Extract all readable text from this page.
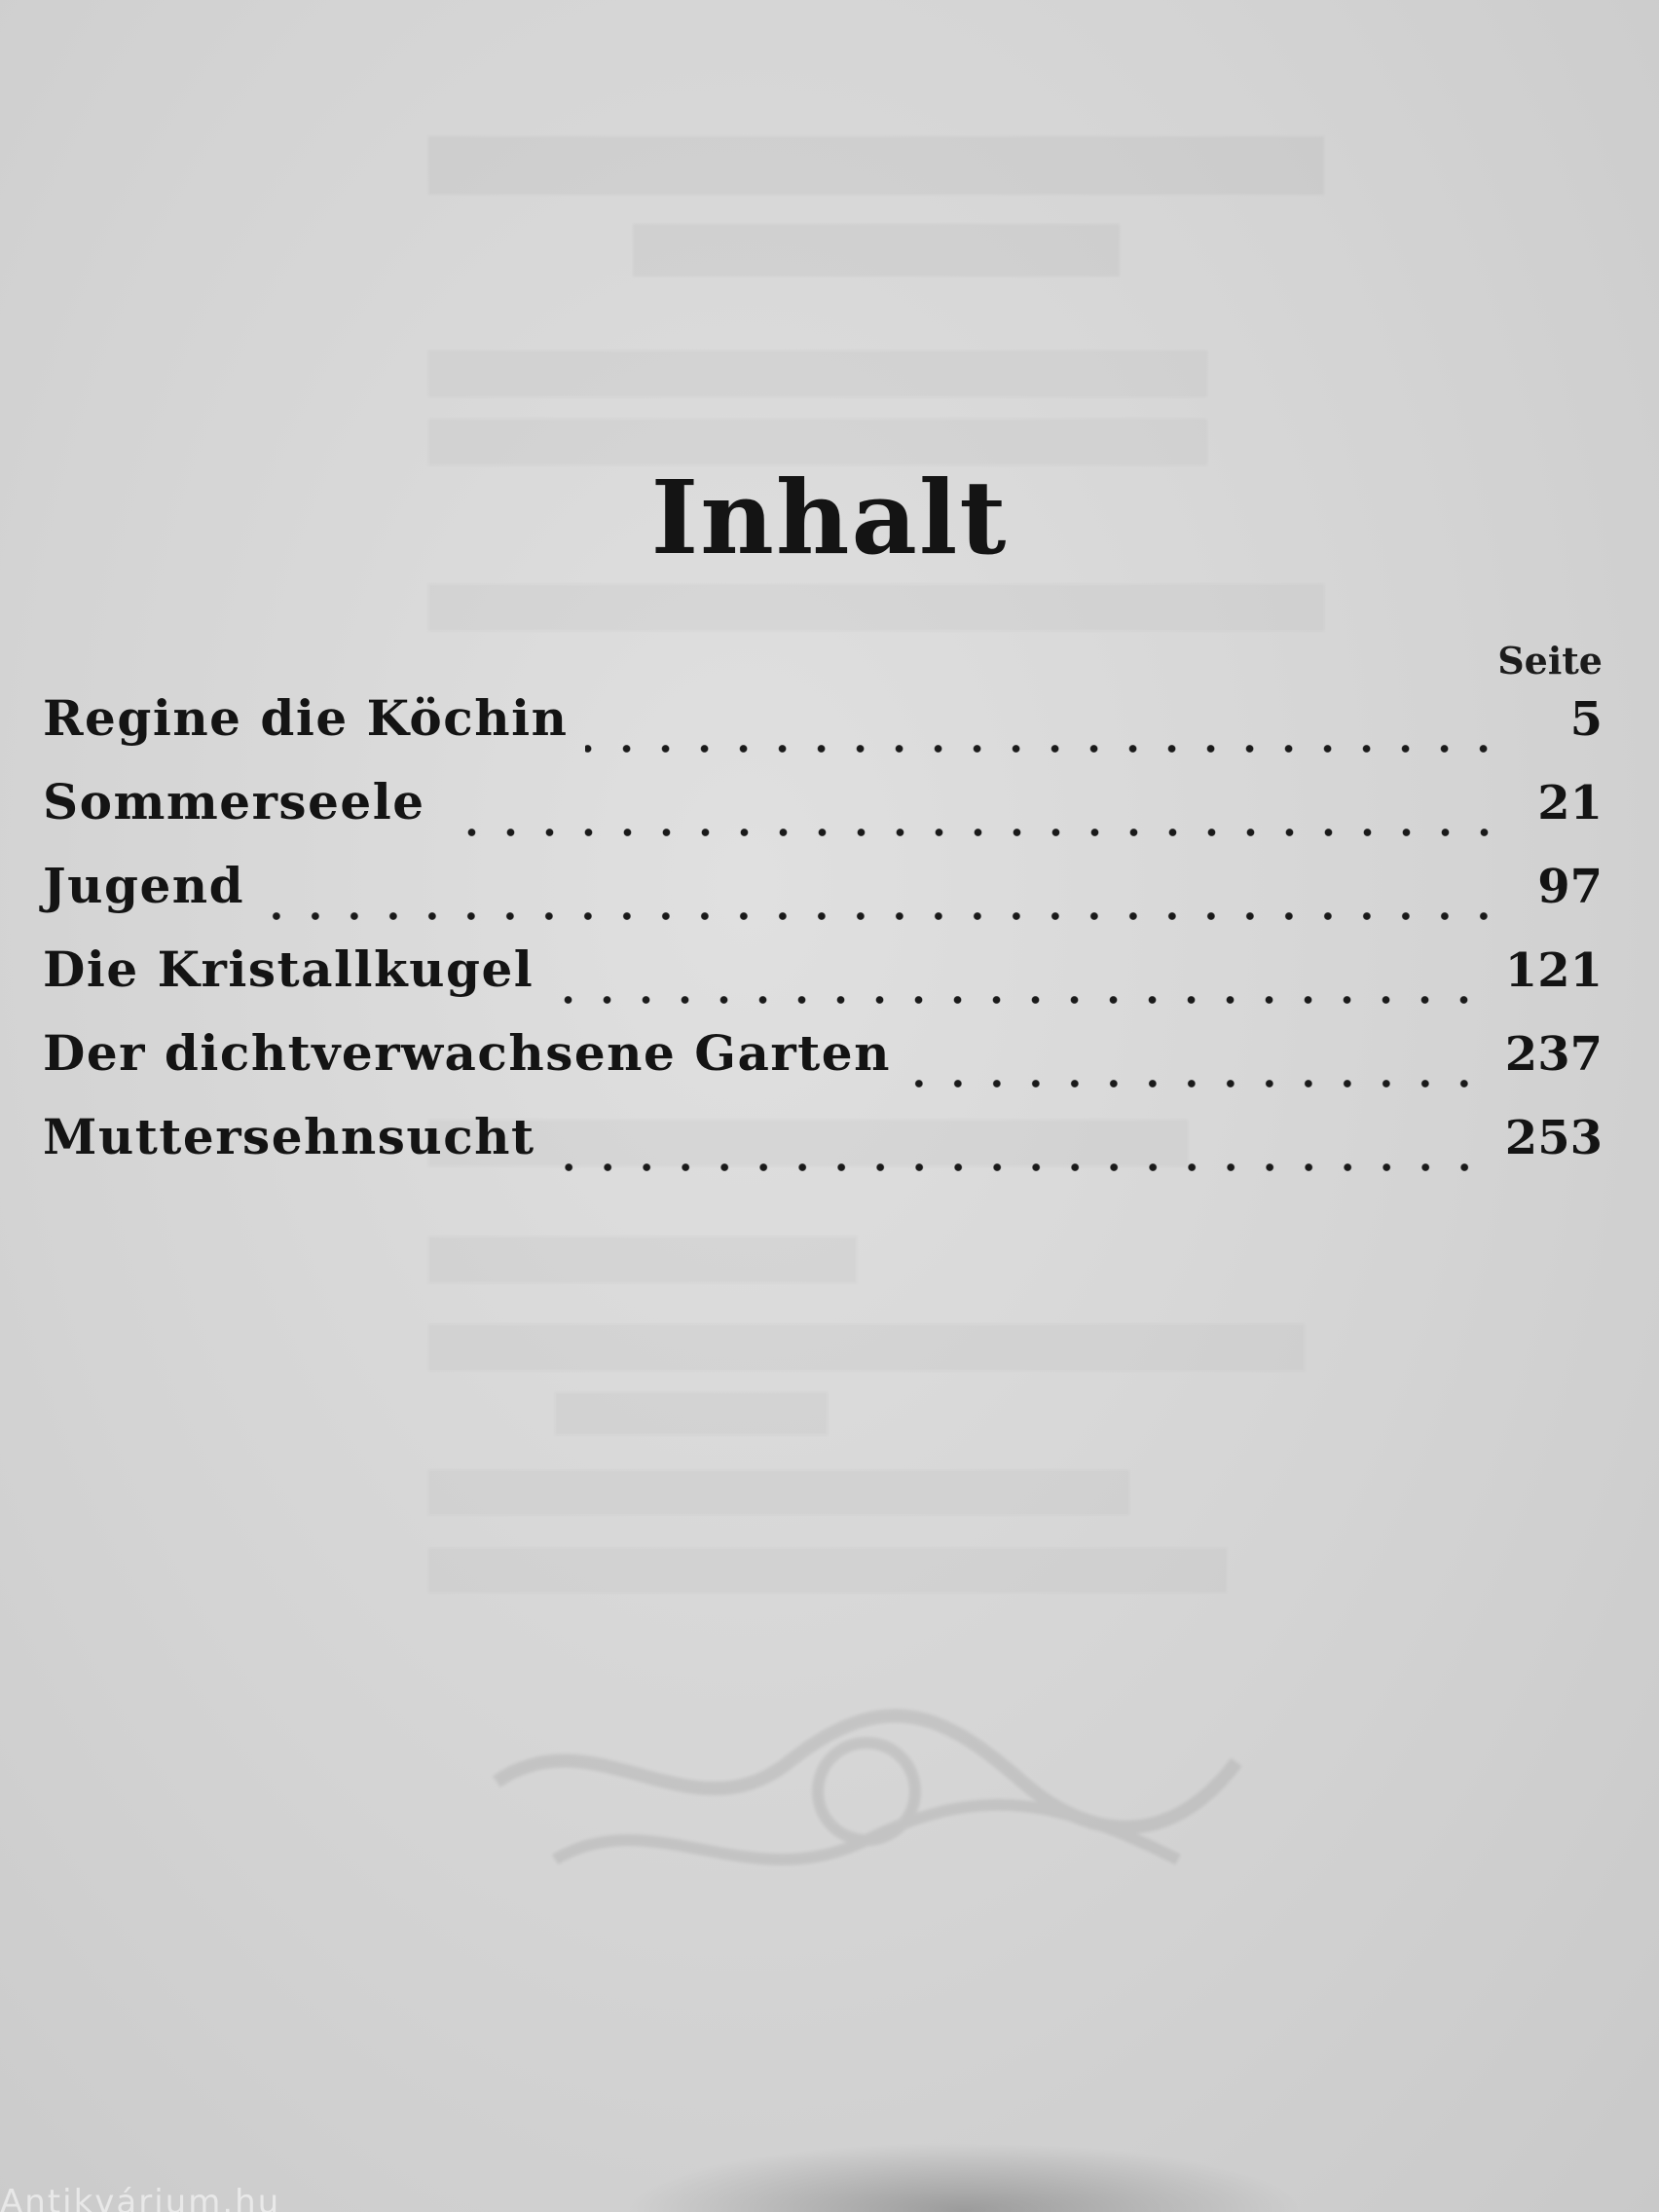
Inhalt
Seite
Regine die Köchin	5
Sommerseele	21
Jugend	97
Die Kristallkugel	121
Der dichtverwachsene Garten	237
Muttersehnsucht	253
Antikvárium.hu
